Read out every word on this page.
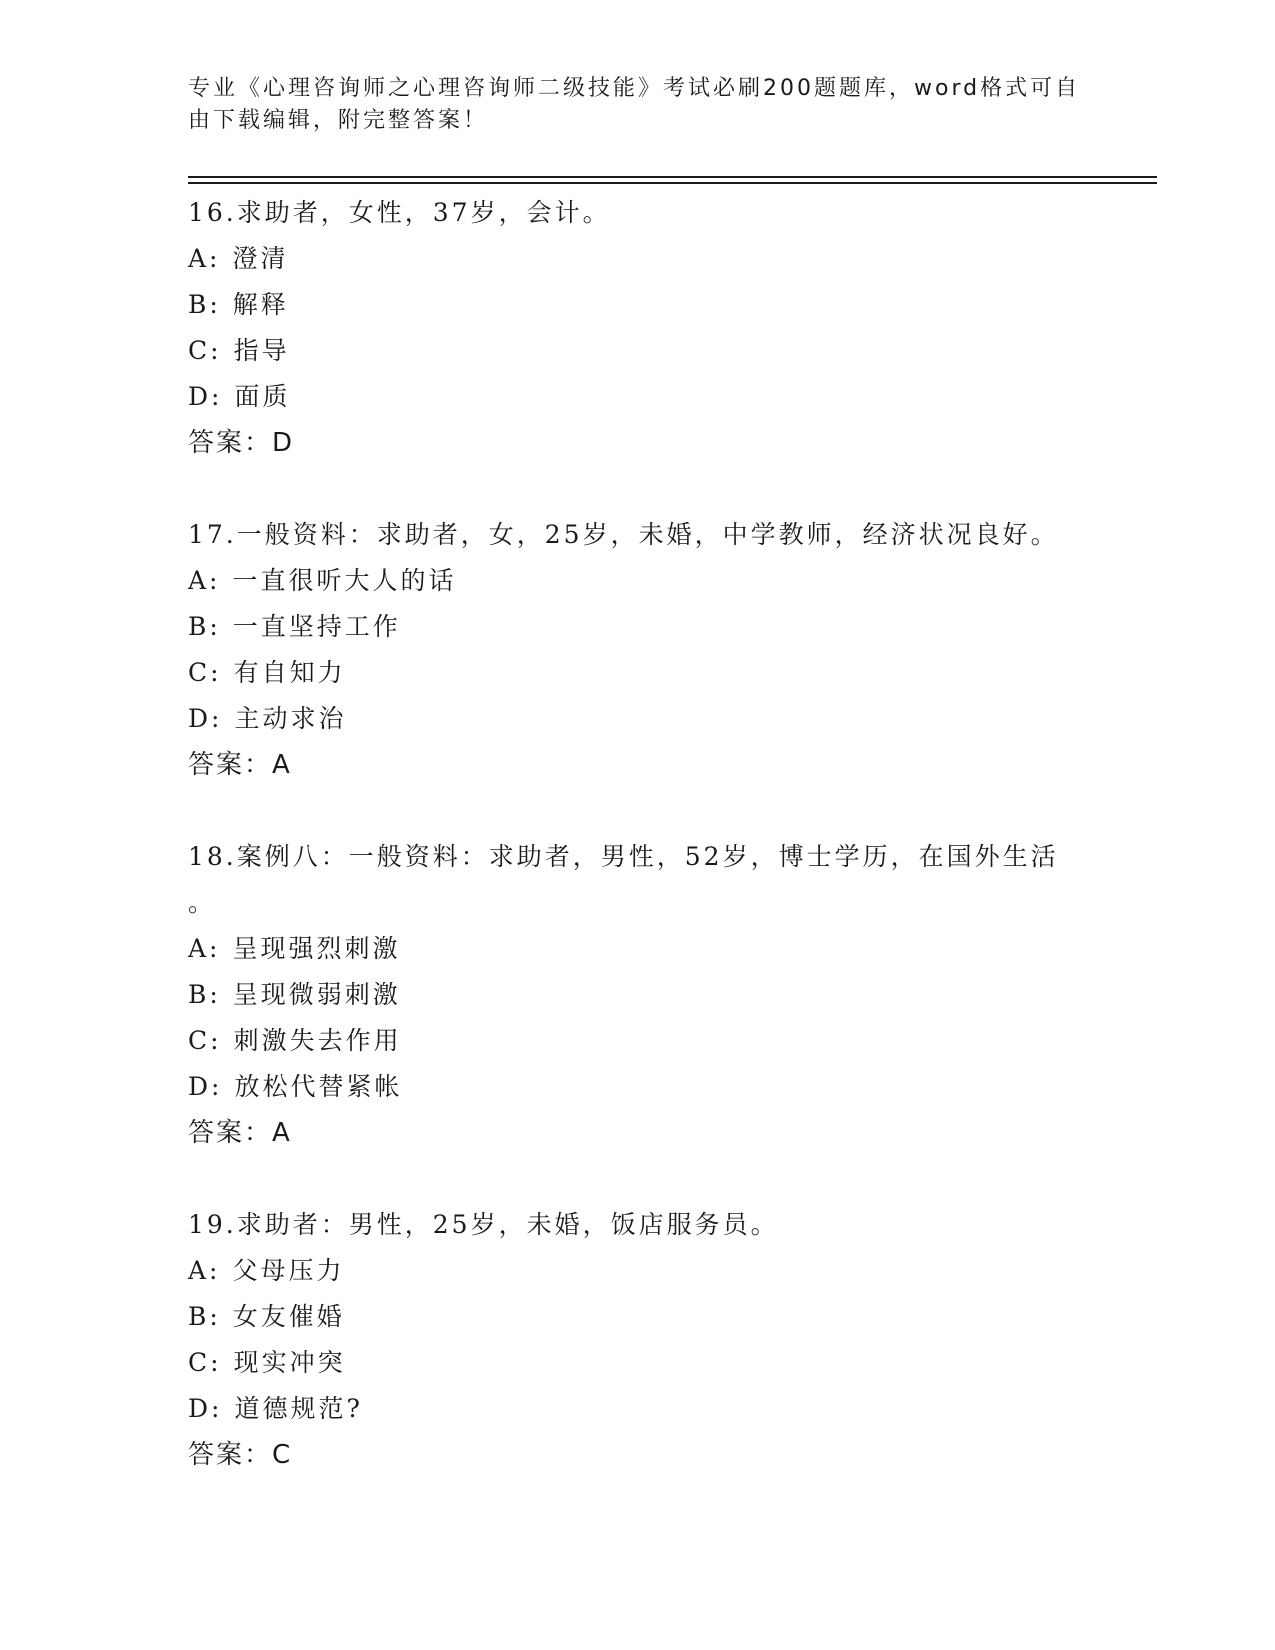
专业《心理咨询师之心理咨询师二级技能》考试必刷200题题库，word格式可自
由下载编辑，附完整答案！
16.求助者，女性，37岁，会计。
A: 澄清
B: 解释
C: 指导
D: 面质
答案：D
17.一般资料：求助者，女，25岁，未婚，中学教师，经济状况良好。
A: 一直很听大人的话
B: 一直坚持工作
C: 有自知力
D: 主动求治
答案：A
18.案例八：一般资料：求助者，男性，52岁，博士学历，在国外生活
。
A: 呈现强烈刺激
B: 呈现微弱刺激
C: 刺激失去作用
D: 放松代替紧帐
答案：A
19.求助者：男性，25岁，未婚，饭店服务员。
A: 父母压力
B: 女友催婚
C: 现实冲突
D: 道德规范?
答案：C
